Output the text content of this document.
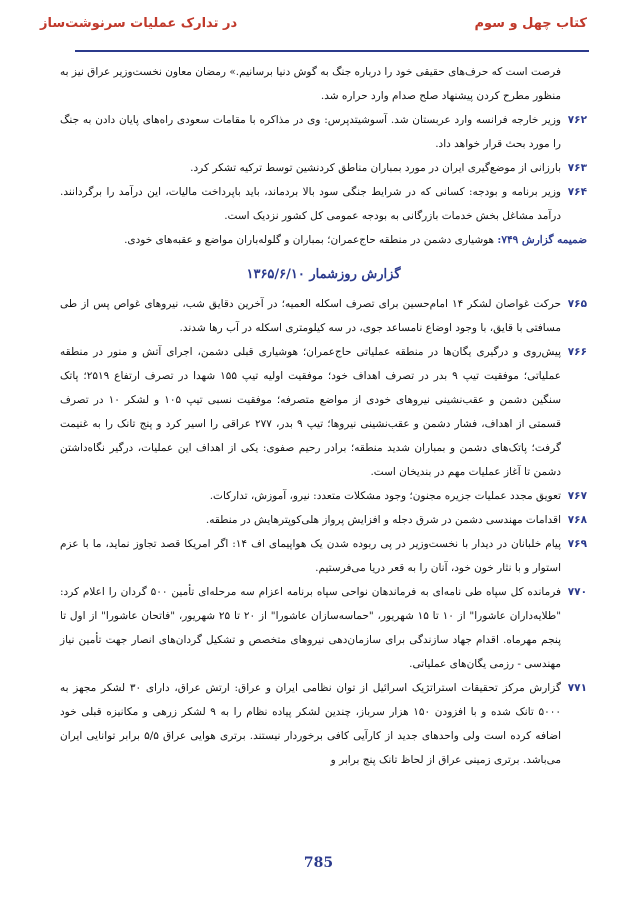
کتاب چهل و سوم
در تدارک عملیات سرنوشت‌ساز
فرصت است که حرف‌های حقیقی خود را درباره جنگ به گوش دنیا برسانیم.» رمضان معاون نخست‌وزیر عراق نیز به منظور مطرح کردن پیشنهاد صلح صدام وارد حراره شد.
۷۶۲
وزیر خارجه فرانسه وارد عربستان شد. آسوشیتدپرس: وی در مذاکره با مقامات سعودی راه‌های پایان دادن به جنگ را مورد بحث قرار خواهد داد.
۷۶۳
بارزانی از موضع‌گیری ایران در مورد بمباران مناطق کردنشین توسط ترکیه تشکر کرد.
۷۶۴
وزیر برنامه و بودجه: کسانی که در شرایط جنگی سود بالا بردماند، باید باپرداخت مالیات، این درآمد را برگردانند. درآمد مشاغل بخش خدمات بازرگانی به بودجه عمومی کل کشور نزدیک است.
ضمیمه گزارش ۷۴۹: هوشیاری دشمن در منطقه حاج‌عمران؛ بمباران و گلوله‌باران مواضع و عقبه‌های خودی.
گزارش روزشمار ۱۳۶۵/۶/۱۰
۷۶۵
حرکت غواصان لشکر ۱۴ امام‌حسین برای تصرف اسکله العمیه؛ در آخرین دقایق شب، نیروهای غواص پس از طی مسافتی با قایق، با وجود اوضاع نامساعد جوی، در سه کیلومتری اسکله در آب رها شدند.
۷۶۶
پیش‌روی و درگیری یگان‌ها در منطقه عملیاتی حاج‌عمران؛ هوشیاری قبلی دشمن، اجرای آتش و منور در منطقه عملیاتی؛ موفقیت تیپ ۹ بدر در تصرف اهداف خود؛ موفقیت اولیه تیپ ۱۵۵ شهدا در تصرف ارتفاع ۲۵۱۹؛ پاتک سنگین دشمن و عقب‌نشینی نیروهای خودی از مواضع متصرفه؛ موفقیت نسبی تیپ ۱۰۵ و لشکر ۱۰ در تصرف قسمتی از اهداف، فشار دشمن و عقب‌نشینی نیروها؛ تیپ ۹ بدر، ۲۷۷ عراقی را اسیر کرد و پنج تانک را به غنیمت گرفت؛ پاتک‌های دشمن و بمباران شدید منطقه؛ برادر رحیم صفوی: یکی از اهداف این عملیات، درگیر نگاه‌داشتن دشمن تا آغاز عملیات مهم در بندیخان است.
۷۶۷
تعویق مجدد عملیات جزیره مجنون؛ وجود مشکلات متعدد: نیرو، آموزش، تدارکات.
۷۶۸
اقدامات مهندسی دشمن در شرق دجله و افزایش پرواز هلی‌کوپترهایش در منطقه.
۷۶۹
پیام خلبانان در دیدار با نخست‌وزیر در پی ربوده شدن یک هواپیمای اف ۱۴: اگر امریکا قصد تجاوز نماید، ما با عزم استوار و با نثار خون خود، آنان را به قعر دریا می‌فرستیم.
۷۷۰
فرمانده کل سپاه طی نامه‌ای به فرماندهان نواحی سپاه برنامه اعزام سه مرحله‌ای تأمین ۵۰۰ گردان را اعلام کرد: "طلایه‌داران عاشورا" از ۱۰ تا ۱۵ شهریور، "حماسه‌سازان عاشورا" از ۲۰ تا ۲۵ شهریور، "فاتحان عاشورا" از اول تا پنجم مهرماه. اقدام جهاد سازندگی برای سازمان‌دهی نیروهای متخصص و تشکیل گردان‌های انصار جهت تأمین نیاز مهندسی - رزمی یگان‌های عملیاتی.
۷۷۱
گزارش مرکز تحقیقات استراتژیک اسرائیل از توان نظامی ایران و عراق: ارتش عراق، دارای ۳۰ لشکر مجهز به ۵۰۰۰ تانک شده و با افزودن ۱۵۰ هزار سرباز، چندین لشکر پیاده نظام را به ۹ لشکر زرهی و مکانیزه قبلی خود اضافه کرده است ولی واحدهای جدید از کارآیی کافی برخوردار نیستند. برتری هوایی عراق ۵/۵ برابر توانایی ایران می‌باشد. برتری زمینی عراق از لحاظ تانک پنج برابر و
785
